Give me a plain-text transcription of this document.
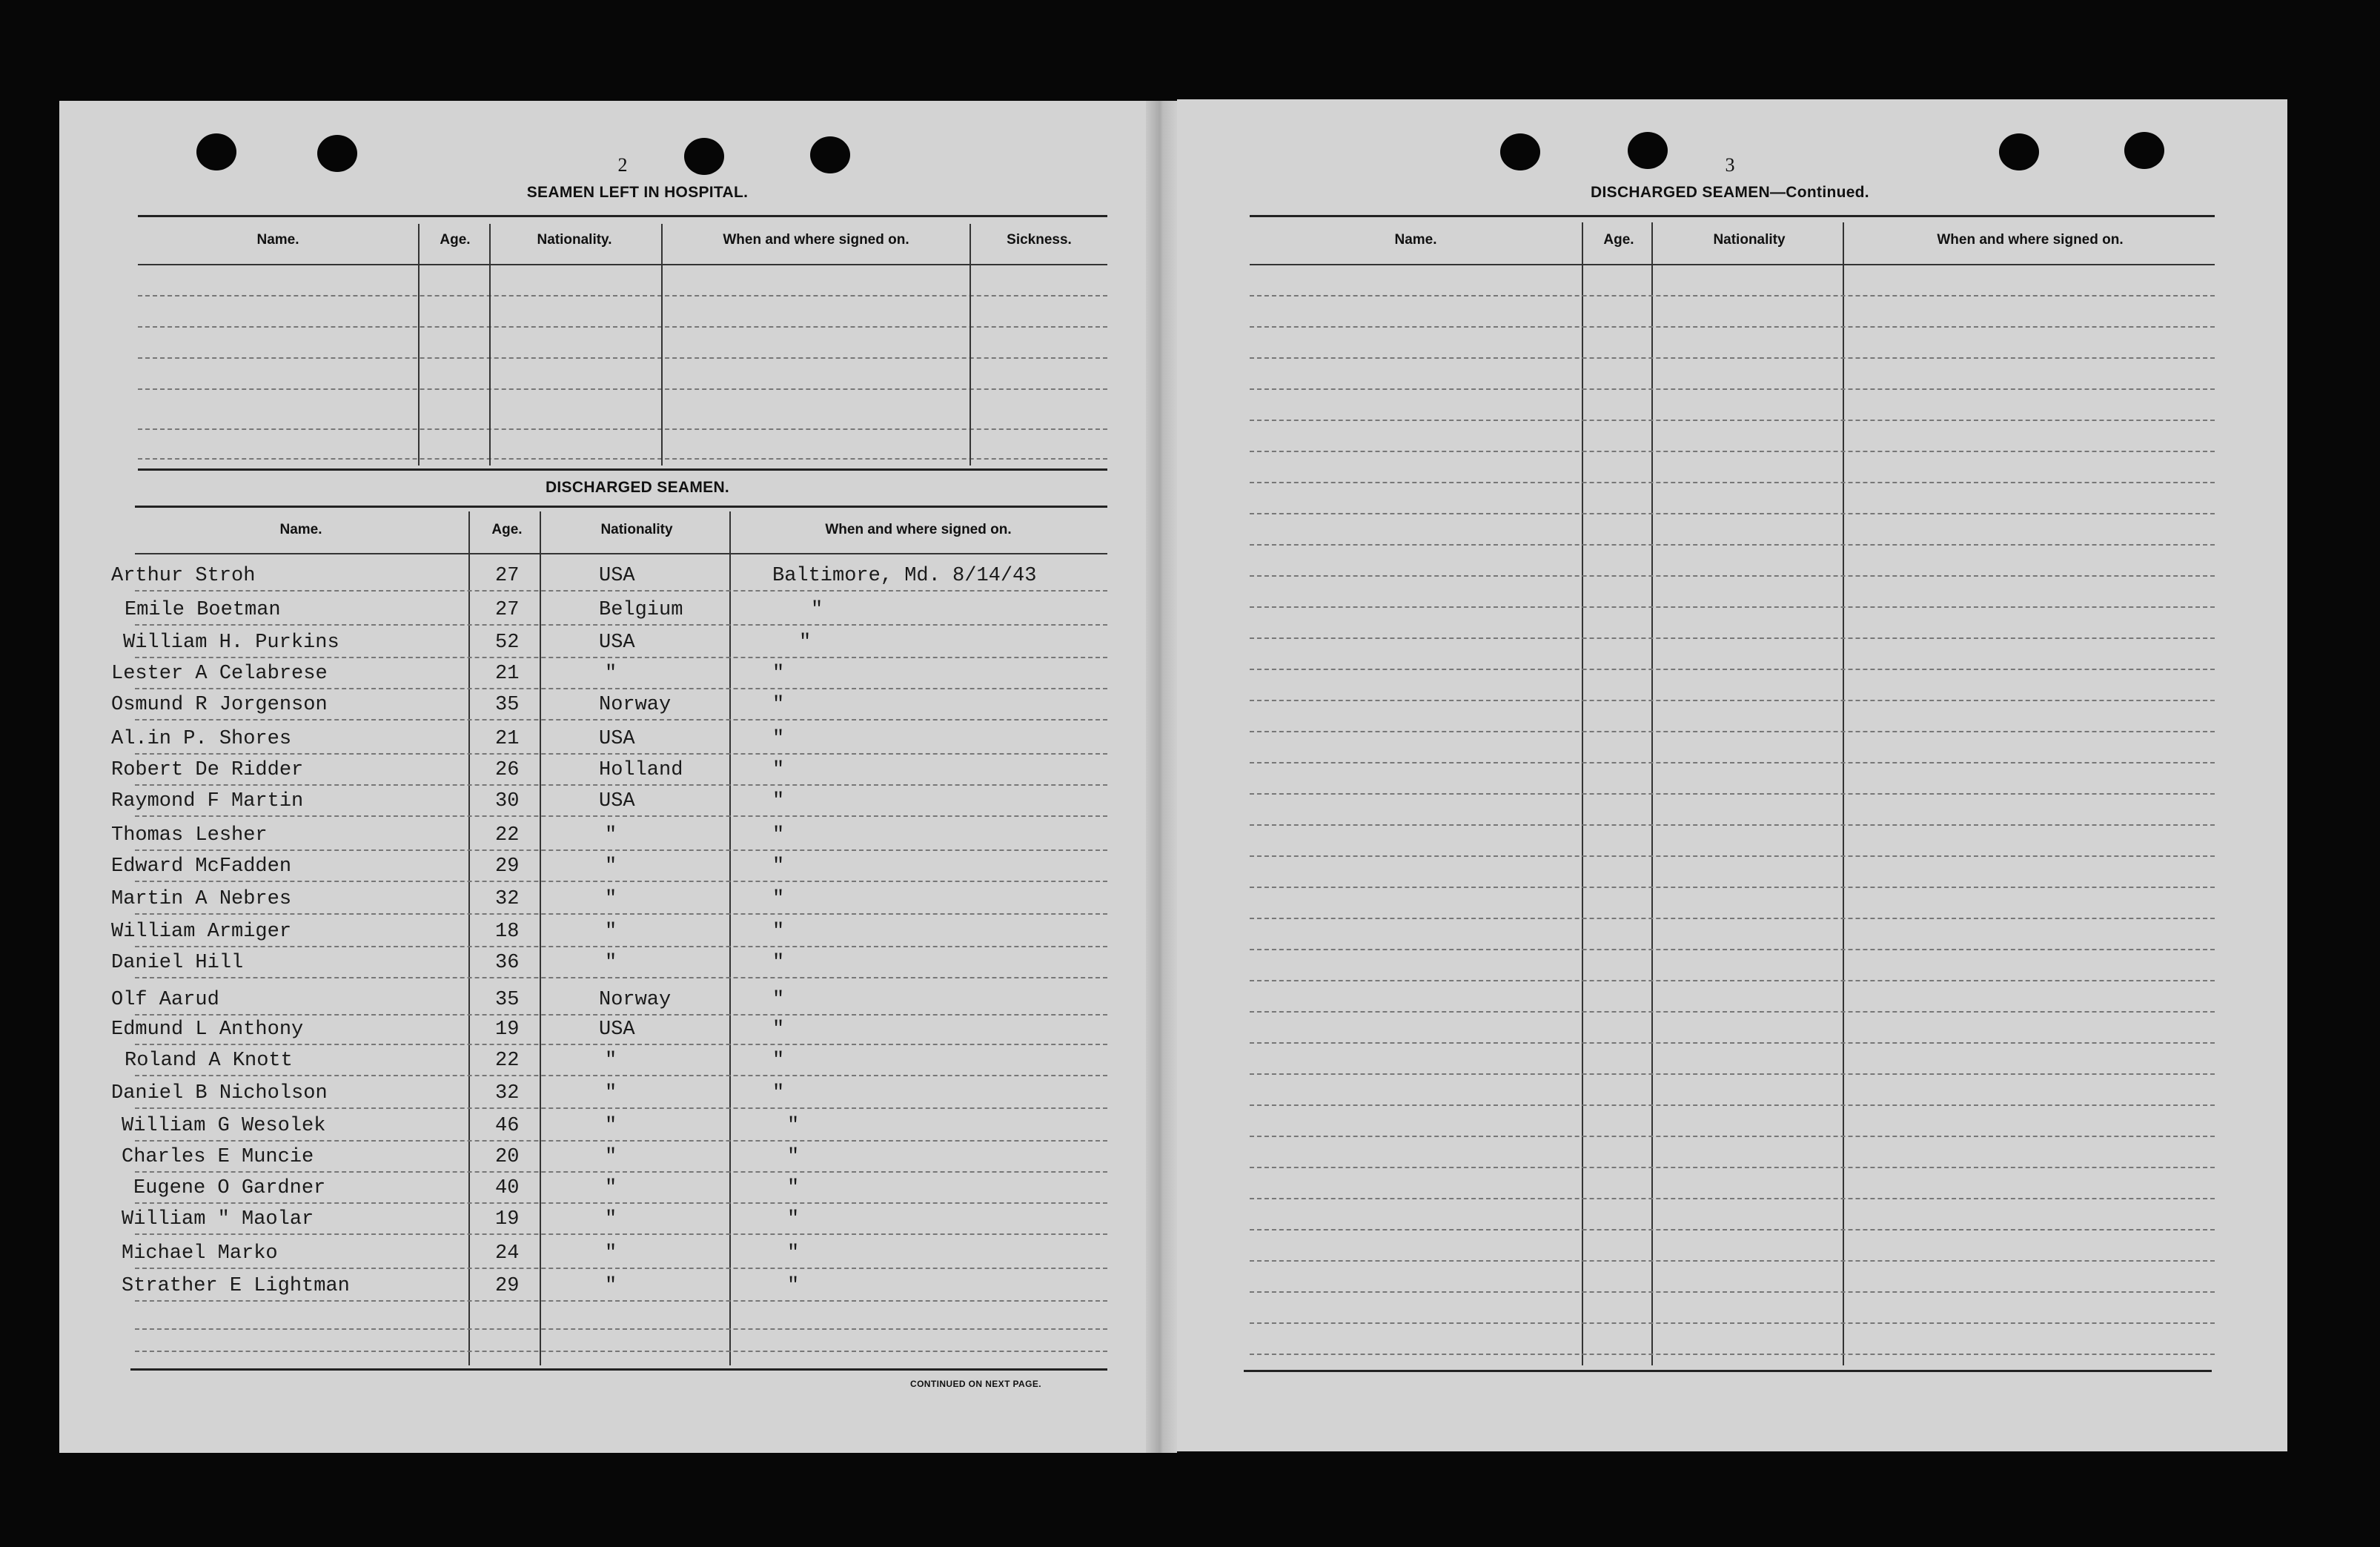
2
SEAMEN LEFT IN HOSPITAL.
Name.	Age.	Nationality.	When and where signed on.	Sickness.
DISCHARGED SEAMEN.
Name.	Age.	Nationality	When and where signed on.
Arthur Stroh	27	USA	Baltimore, Md. 8/14/43
Emile Boetman	27	Belgium	"
William H. Purkins	52	USA	"
Lester A Celabrese	21	"	"
Osmund R Jorgenson	35	Norway	"
Al.in P. Shores	21	USA	"
Robert De Ridder	26	Holland	"
Raymond F Martin	30	USA	"
Thomas Lesher	22	"	"
Edward McFadden	29	"	"
Martin A Nebres	32	"	"
William Armiger	18	"	"
Daniel Hill	36	"	"
Olf Aarud	35	Norway	"
Edmund L Anthony	19	USA	"
Roland A Knott	22	"	"
Daniel B Nicholson	32	"	"
William G Wesolek	46	"	"
Charles E Muncie	20	"	"
Eugene O Gardner	40	"	"
William " Maolar	19	"	"
Michael Marko	24	"	"
Strather E Lightman	29	"	"
CONTINUED ON NEXT PAGE.
3
DISCHARGED SEAMEN—Continued.
Name.	Age.	Nationality	When and where signed on.
